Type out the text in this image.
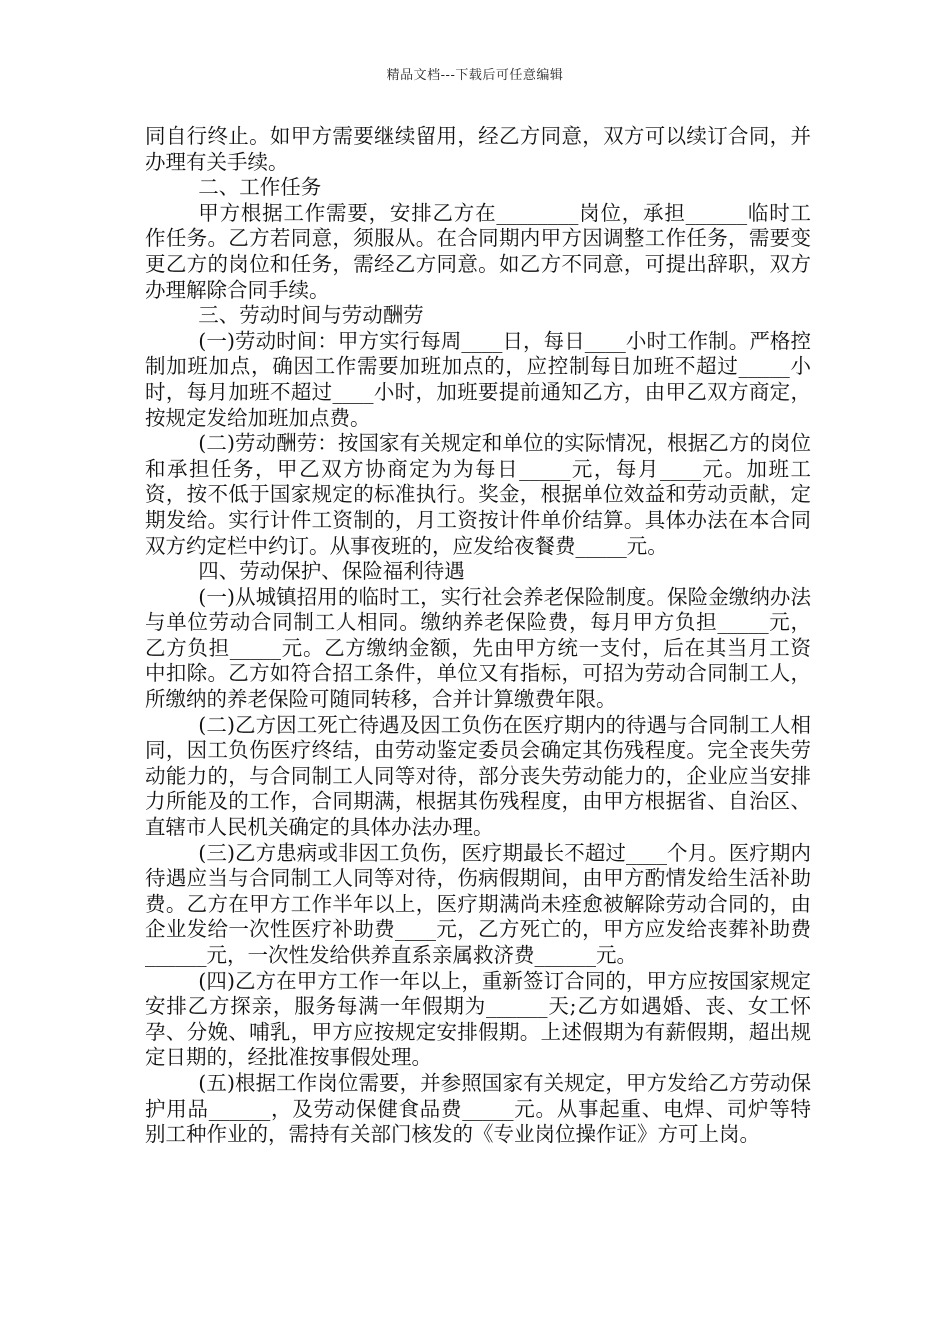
精品文档---下载后可任意编辑

同自行终止。如甲方需要继续留用，经乙方同意，双方可以续订合同，并办理有关手续。

二、工作任务

甲方根据工作需要，安排乙方在________岗位，承担______临时工作任务。乙方若同意，须服从。在合同期内甲方因调整工作任务，需要变更乙方的岗位和任务，需经乙方同意。如乙方不同意，可提出辞职，双方办理解除合同手续。

三、劳动时间与劳动酬劳

(一)劳动时间：甲方实行每周____日，每日____小时工作制。严格控制加班加点，确因工作需要加班加点的，应控制每日加班不超过_____小时，每月加班不超过____小时，加班要提前通知乙方，由甲乙双方商定，按规定发给加班加点费。

(二)劳动酬劳：按国家有关规定和单位的实际情况，根据乙方的岗位和承担任务，甲乙双方协商定为为每日_____元，每月____元。加班工资，按不低于国家规定的标准执行。奖金，根据单位效益和劳动贡献，定期发给。实行计件工资制的，月工资按计件单价结算。具体办法在本合同双方约定栏中约订。从事夜班的，应发给夜餐费_____元。

四、劳动保护、保险福利待遇

(一)从城镇招用的临时工，实行社会养老保险制度。保险金缴纳办法与单位劳动合同制工人相同。缴纳养老保险费，每月甲方负担_____元，乙方负担_____元。乙方缴纳金额，先由甲方统一支付，后在其当月工资中扣除。乙方如符合招工条件，单位又有指标，可招为劳动合同制工人，所缴纳的养老保险可随同转移，合并计算缴费年限。

(二)乙方因工死亡待遇及因工负伤在医疗期内的待遇与合同制工人相同，因工负伤医疗终结，由劳动鉴定委员会确定其伤残程度。完全丧失劳动能力的，与合同制工人同等对待，部分丧失劳动能力的，企业应当安排力所能及的工作，合同期满，根据其伤残程度，由甲方根据省、自治区、直辖市人民机关确定的具体办法办理。

(三)乙方患病或非因工负伤，医疗期最长不超过____个月。医疗期内待遇应当与合同制工人同等对待，伤病假期间，由甲方酌情发给生活补助费。乙方在甲方工作半年以上，医疗期满尚未痊愈被解除劳动合同的，由企业发给一次性医疗补助费____元，乙方死亡的，甲方应发给丧葬补助费______元，一次性发给供养直系亲属救济费______元。

(四)乙方在甲方工作一年以上，重新签订合同的，甲方应按国家规定安排乙方探亲，服务每满一年假期为______天;乙方如遇婚、丧、女工怀孕、分娩、哺乳，甲方应按规定安排假期。上述假期为有薪假期，超出规定日期的，经批准按事假处理。

(五)根据工作岗位需要，并参照国家有关规定，甲方发给乙方劳动保护用品______，及劳动保健食品费_____元。从事起重、电焊、司炉等特别工种作业的，需持有关部门核发的《专业岗位操作证》方可上岗。
